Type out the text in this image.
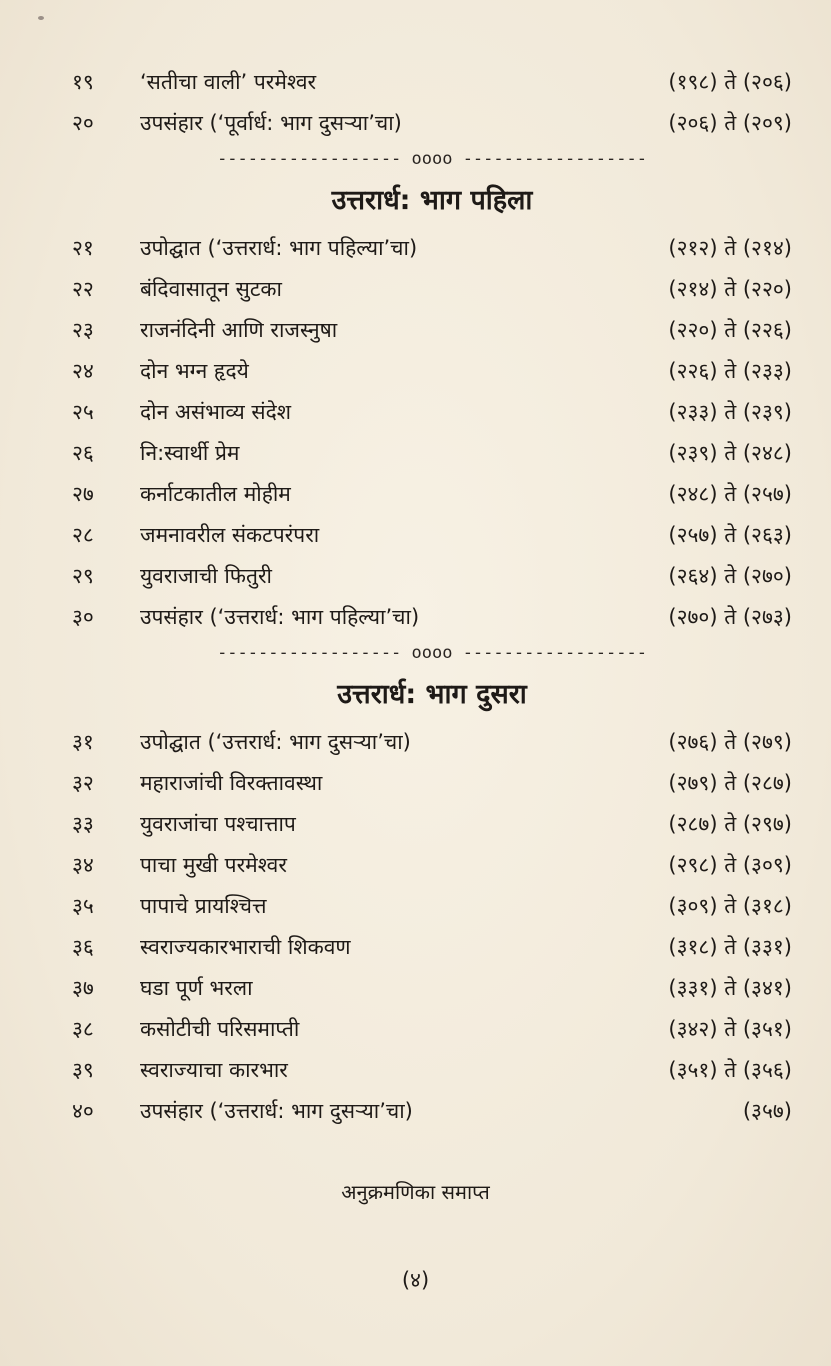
१९	‘सतीचा वाली’ परमेश्वर	(१९८) ते (२०६)
२०	उपसंहार (‘पूर्वार्ध: भाग दुसऱ्या’चा)	(२०६) ते (२०९)
------------------ oooo ------------------
उत्तरार्ध: भाग पहिला
२१	उपोद्घात (‘उत्तरार्ध: भाग पहिल्या’चा)	(२१२) ते (२१४)
२२	बंदिवासातून सुटका	(२१४) ते (२२०)
२३	राजनंदिनी आणि राजस्नुषा	(२२०) ते (२२६)
२४	दोन भग्न हृदये	(२२६) ते (२३३)
२५	दोन असंभाव्य संदेश	(२३३) ते (२३९)
२६	नि:स्वार्थी प्रेम	(२३९) ते (२४८)
२७	कर्नाटकातील मोहीम	(२४८) ते (२५७)
२८	जमनावरील संकटपरंपरा	(२५७) ते (२६३)
२९	युवराजाची फितुरी	(२६४) ते (२७०)
३०	उपसंहार (‘उत्तरार्ध: भाग पहिल्या’चा)	(२७०) ते (२७३)
------------------ oooo ------------------
उत्तरार्ध: भाग दुसरा
३१	उपोद्घात (‘उत्तरार्ध: भाग दुसऱ्या’चा)	(२७६) ते (२७९)
३२	महाराजांची विरक्तावस्था	(२७९) ते (२८७)
३३	युवराजांचा पश्चात्ताप	(२८७) ते (२९७)
३४	पाचा मुखी परमेश्वर	(२९८) ते (३०९)
३५	पापाचे प्रायश्चित्त	(३०९) ते (३१८)
३६	स्वराज्यकारभाराची शिकवण	(३१८) ते (३३१)
३७	घडा पूर्ण भरला	(३३१) ते (३४१)
३८	कसोटीची परिसमाप्ती	(३४२) ते (३५१)
३९	स्वराज्याचा कारभार	(३५१) ते (३५६)
४०	उपसंहार (‘उत्तरार्ध: भाग दुसऱ्या’चा)	(३५७)
अनुक्रमणिका समाप्त
(४)
